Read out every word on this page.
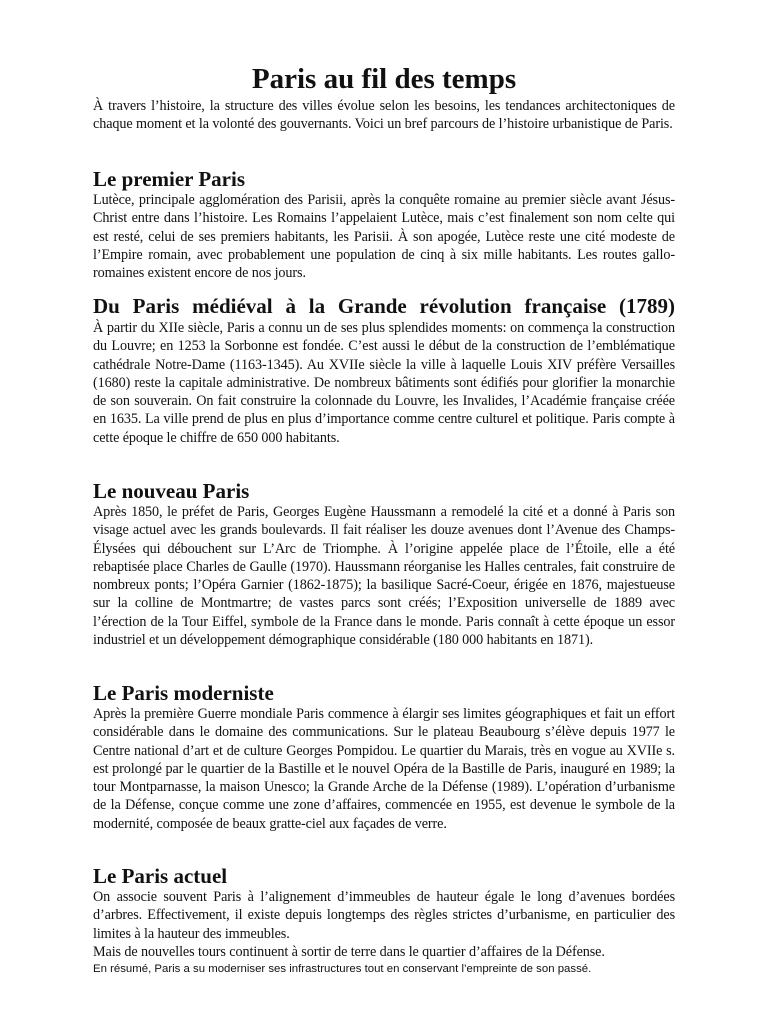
Paris au fil des temps

À travers l’histoire, la structure des villes évolue selon les besoins, les tendances architectoniques de chaque moment et la volonté des gouvernants. Voici un bref parcours de l’histoire urbanistique de Paris.

Le premier Paris

Lutèce, principale agglomération des Parisii, après la conquête romaine au premier siècle avant Jésus-Christ entre dans l’histoire. Les Romains l’appelaient Lutèce, mais c’est finalement son nom celte qui est resté, celui de ses premiers habitants, les Parisii. À son apogée, Lutèce reste une cité modeste de l’Empire romain, avec probablement une population de cinq à six mille habitants. Les routes gallo-romaines existent encore de nos jours.

Du Paris médiéval à la Grande révolution française (1789)

À partir du XIIe siècle, Paris a connu un de ses plus splendides moments: on commença la construction du Louvre; en 1253 la Sorbonne est fondée. C’est aussi le début de la construction de l’emblématique cathédrale Notre-Dame (1163-1345). Au XVIIe siècle la ville à laquelle Louis XIV préfère Versailles (1680) reste la capitale administrative. De nombreux bâtiments sont édifiés pour glorifier la monarchie de son souverain. On fait construire la colonnade du Louvre, les Invalides, l’Académie française créée en 1635. La ville prend de plus en plus d’importance comme centre culturel et politique. Paris compte à cette époque le chiffre de 650 000 habitants.

Le nouveau Paris

Après 1850, le préfet de Paris, Georges Eugène Haussmann a remodelé la cité et a donné à Paris son visage actuel avec les grands boulevards. Il fait réaliser les douze avenues dont l’Avenue des Champs-Élysées qui débouchent sur L’Arc de Triomphe. À l’origine appelée place de l’Étoile, elle a été rebaptisée place Charles de Gaulle (1970). Haussmann réorganise les Halles centrales, fait construire de nombreux ponts; l’Opéra Garnier (1862-1875); la basilique Sacré-Coeur, érigée en 1876, majestueuse sur la colline de Montmartre; de vastes parcs sont créés; l’Exposition universelle de 1889 avec l’érection de la Tour Eiffel, symbole de la France dans le monde. Paris connaît à cette époque un essor industriel et un développement démographique considérable (180 000 habitants en 1871).

Le Paris moderniste

Après la première Guerre mondiale Paris commence à élargir ses limites géographiques et fait un effort considérable dans le domaine des communications. Sur le plateau Beaubourg s’élève depuis 1977 le Centre national d’art et de culture Georges Pompidou. Le quartier du Marais, très en vogue au XVIIe s. est prolongé par le quartier de la Bastille et le nouvel Opéra de la Bastille de Paris, inauguré en 1989; la tour Montparnasse, la maison Unesco; la Grande Arche de la Défense (1989). L’opération d’urbanisme de la Défense, conçue comme une zone d’affaires, commencée en 1955, est devenue le symbole de la modernité, composée de beaux gratte-ciel aux façades de verre.

Le Paris actuel

On associe souvent Paris à l’alignement d’immeubles de hauteur égale le long d’avenues bordées d’arbres. Effectivement, il existe depuis longtemps des règles strictes d’urbanisme, en particulier des limites à la hauteur des immeubles.
Mais de nouvelles tours continuent à sortir de terre dans le quartier d’affaires de la Défense.

En résumé, Paris a su moderniser ses infrastructures tout en conservant l’empreinte de son passé.
